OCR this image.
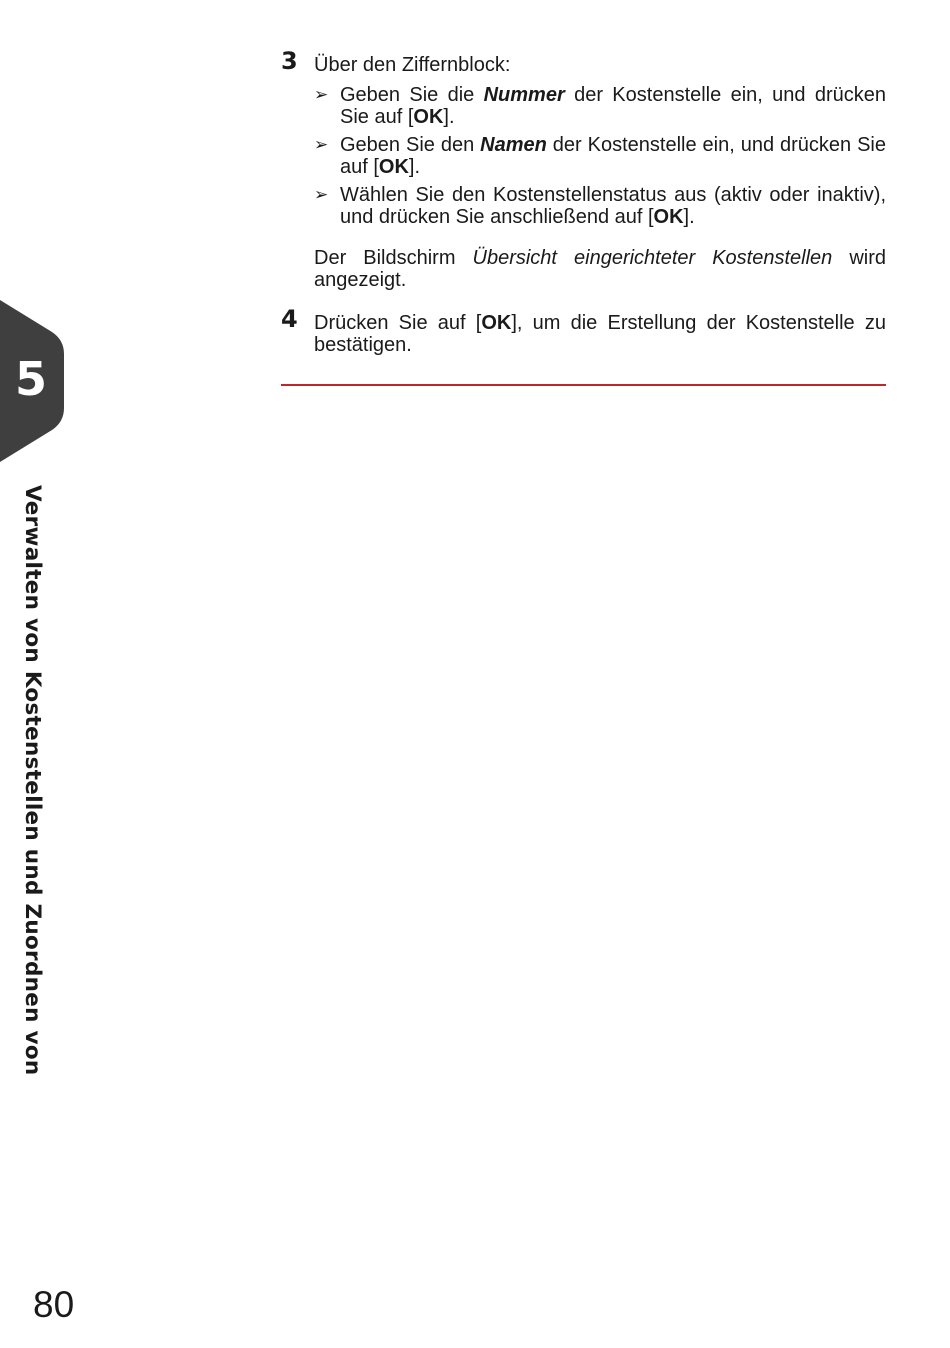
5
Verwalten von Kostenstellen und Zuordnen von
3 Über den Ziffernblock:

➢ Geben Sie die Nummer der Kostenstelle ein, und drücken Sie auf [OK].
➢ Geben Sie den Namen der Kostenstelle ein, und drücken Sie auf [OK].
➢ Wählen Sie den Kostenstellenstatus aus (aktiv oder inaktiv), und drücken Sie anschließend auf [OK].

Der Bildschirm Übersicht eingerichteter Kostenstellen wird angezeigt.

4 Drücken Sie auf [OK], um die Erstellung der Kostenstelle zu bestätigen.

80
